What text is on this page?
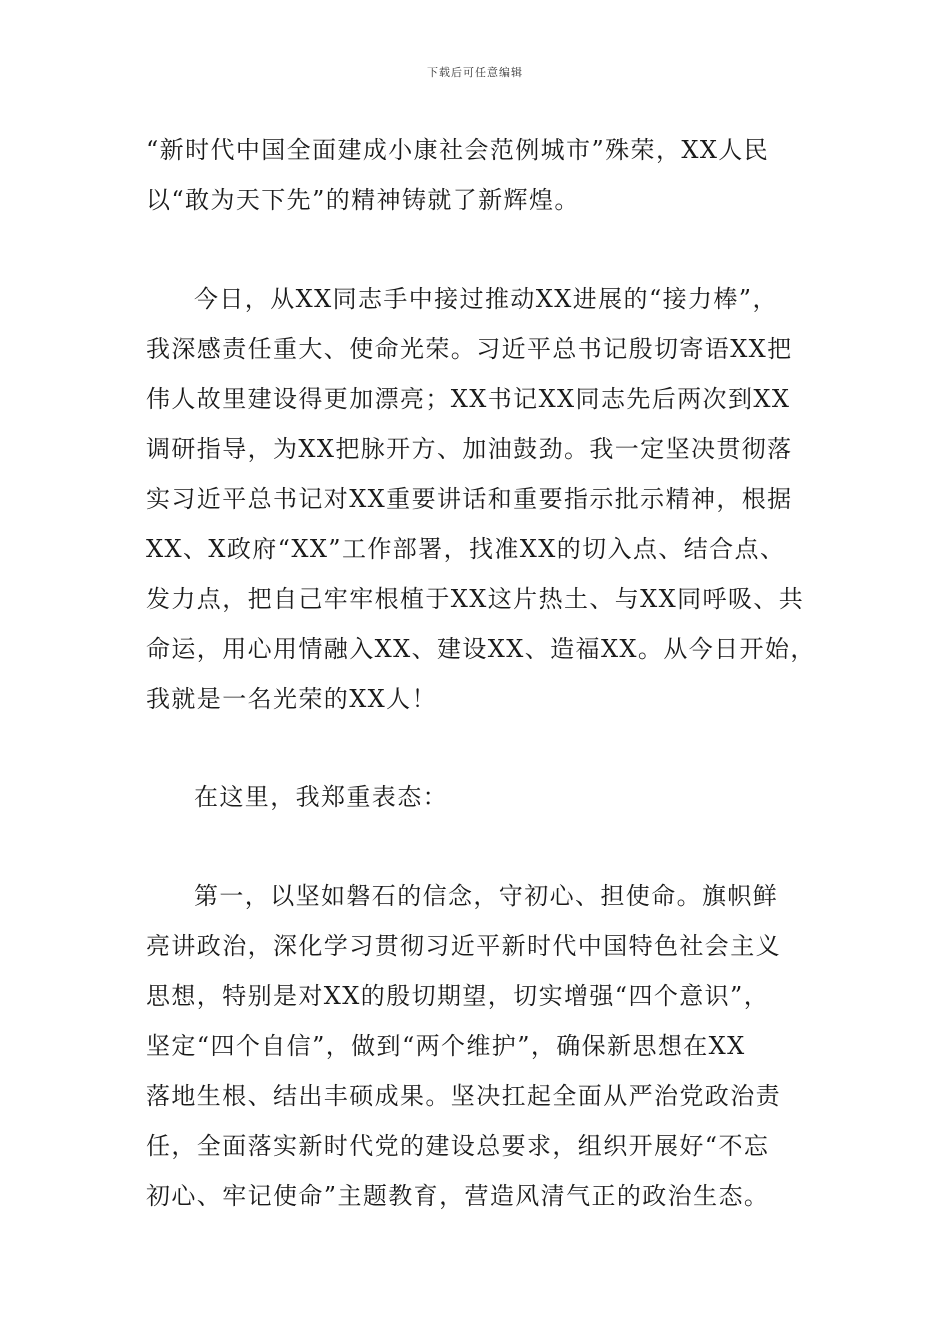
下载后可任意编辑
“新时代中国全面建成小康社会范例城市”殊荣，XX人民
以“敢为天下先”的精神铸就了新辉煌。
今日，从XX同志手中接过推动XX进展的“接力棒”，
我深感责任重大、使命光荣。习近平总书记殷切寄语XX把
伟人故里建设得更加漂亮；XX书记XX同志先后两次到XX
调研指导，为XX把脉开方、加油鼓劲。我一定坚决贯彻落
实习近平总书记对XX重要讲话和重要指示批示精神，根据
XX、X政府“XX”工作部署，找准XX的切入点、结合点、
发力点，把自己牢牢根植于XX这片热土、与XX同呼吸、共
命运，用心用情融入XX、建设XX、造福XX。从今日开始，
我就是一名光荣的XX人！
在这里，我郑重表态：
第一，以坚如磐石的信念，守初心、担使命。旗帜鲜
亮讲政治，深化学习贯彻习近平新时代中国特色社会主义
思想，特别是对XX的殷切期望，切实增强“四个意识”，
坚定“四个自信”，做到“两个维护”，确保新思想在XX
落地生根、结出丰硕成果。坚决扛起全面从严治党政治责
任，全面落实新时代党的建设总要求，组织开展好“不忘
初心、牢记使命”主题教育，营造风清气正的政治生态。
